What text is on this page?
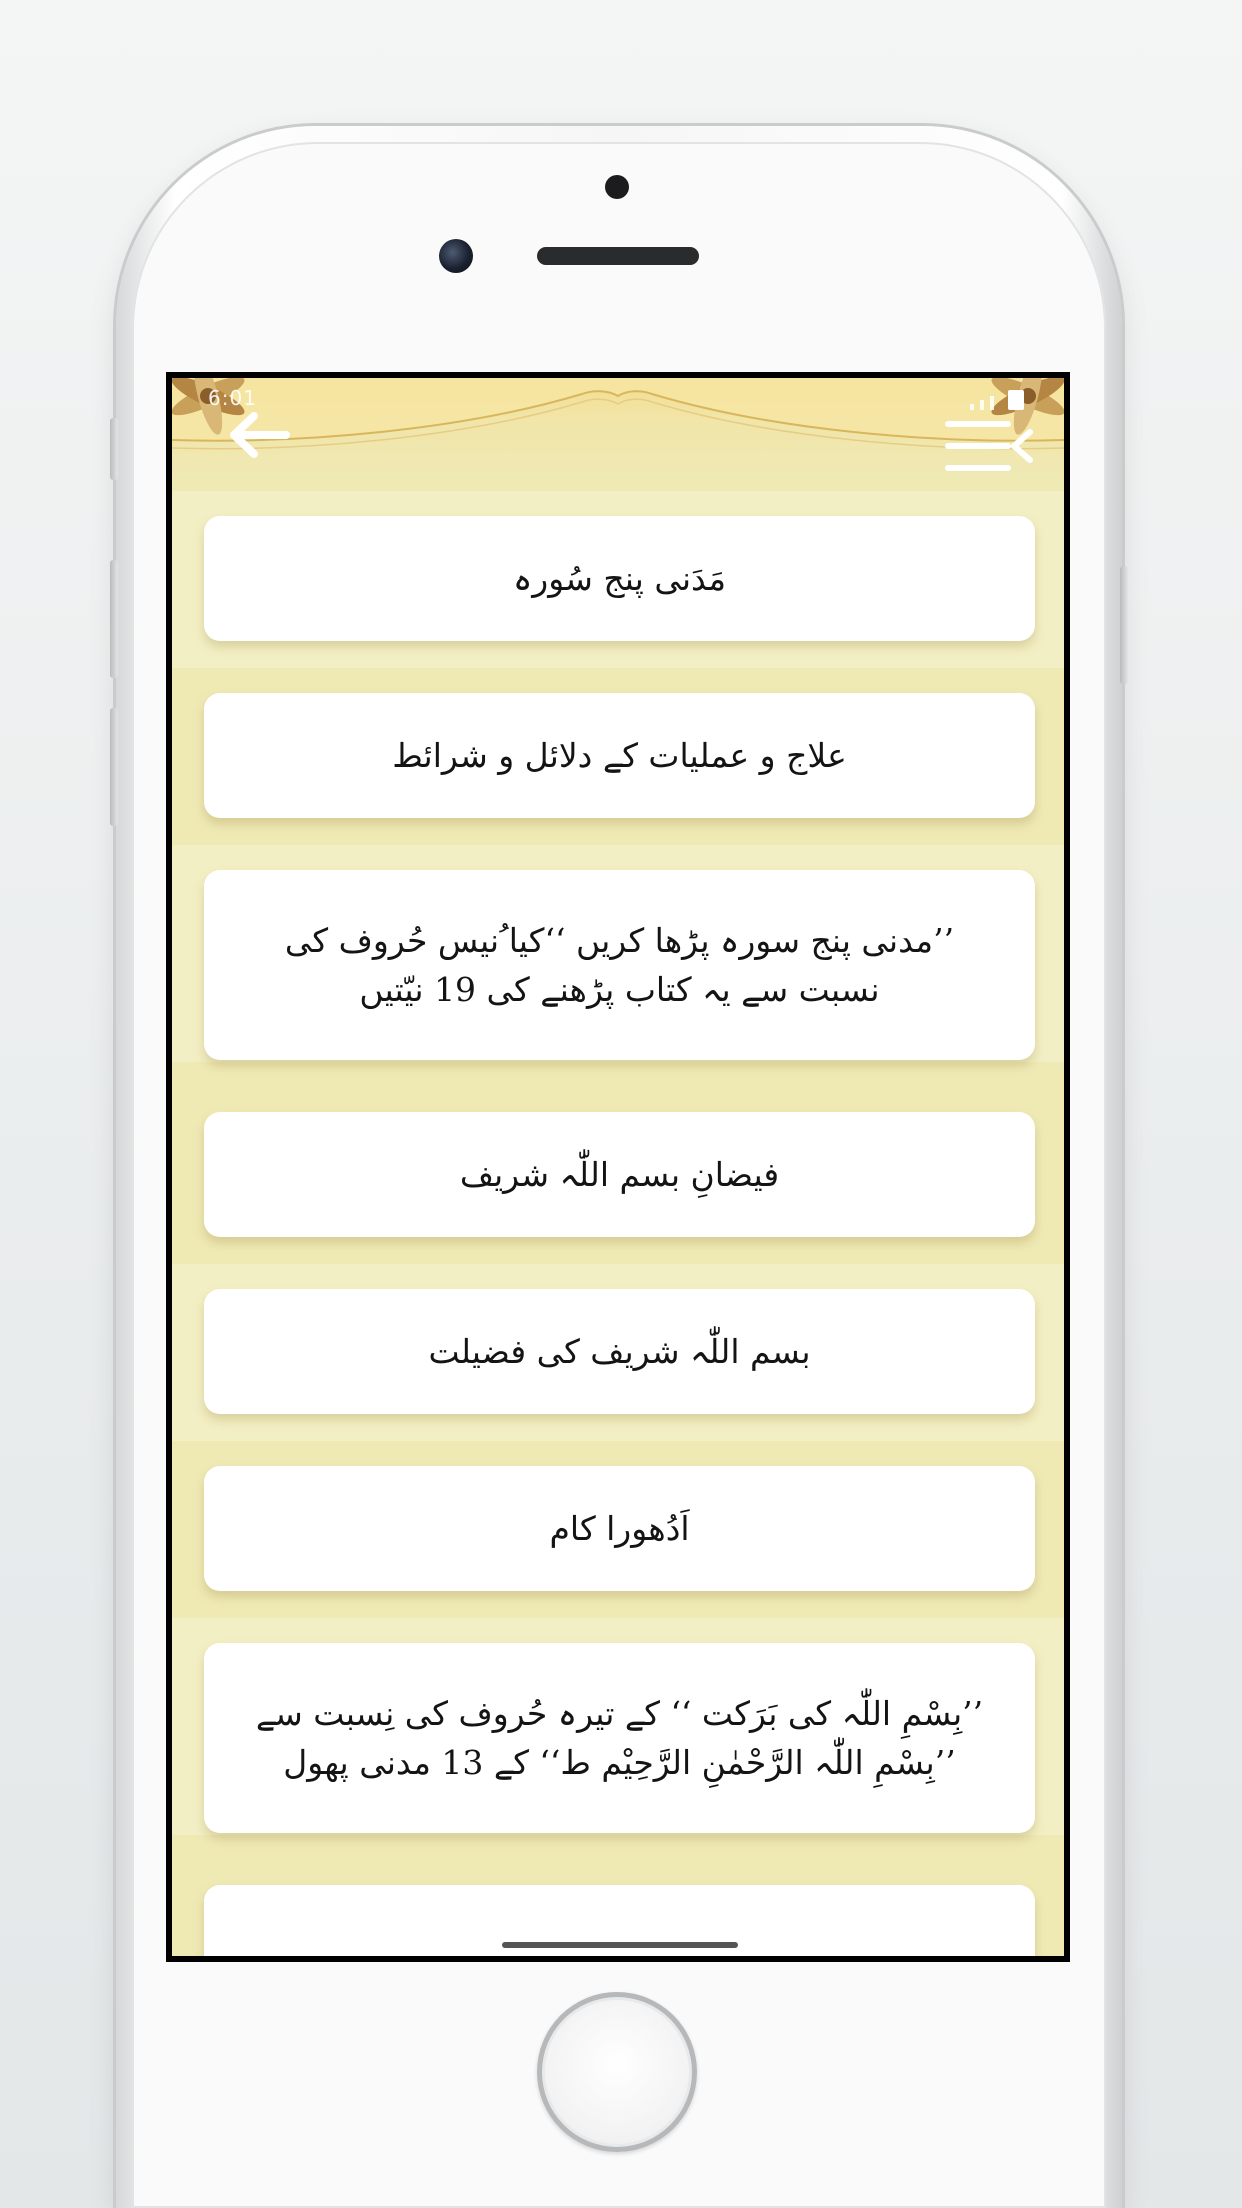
6:01
مَدَنی پنج سُورہ
علاج و عملیات کے دلائل و شرائط
’’مدنی پنج سورہ پڑھا کریں ‘‘کیا ُنیس حُروف کی نسبت سے یہ کتاب پڑھنے کی 19 نیّتیں
فیضانِ بسم اللّٰہ شریف
بسم اللّٰہ شریف کی فضیلت
اَدُھورا کام
’’بِسْمِ اللّٰہ کی بَرَکت ‘‘ کے تیرہ حُروف کی نِسبت سے ’’بِسْمِ اللّٰہ الرَّحْمٰنِ الرَّحِیْم ط‘‘ کے 13 مدنی پھول
